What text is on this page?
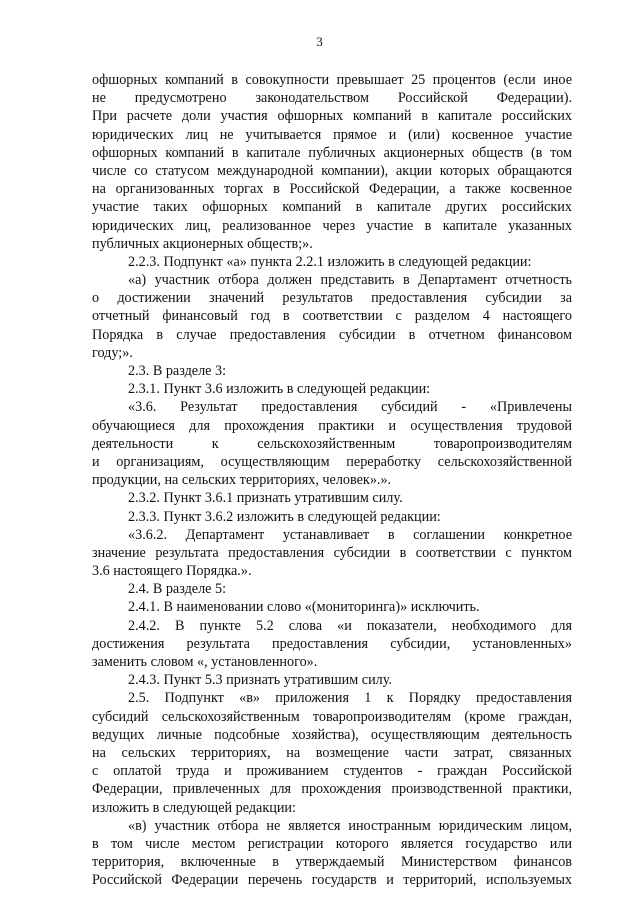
3
офшорных компаний в совокупности превышает 25 процентов (если иное
не предусмотрено законодательством Российской Федерации).
При расчете доли участия офшорных компаний в капитале российских
юридических лиц не учитывается прямое и (или) косвенное участие
офшорных компаний в капитале публичных акционерных обществ (в том
числе со статусом международной компании), акции которых обращаются
на организованных торгах в Российской Федерации, а также косвенное
участие таких офшорных компаний в капитале других российских
юридических лиц, реализованное через участие в капитале указанных
публичных акционерных обществ;».
2.2.3. Подпункт «а» пункта 2.2.1 изложить в следующей редакции:
«а) участник отбора должен представить в Департамент отчетность
о достижении значений результатов предоставления субсидии за
отчетный финансовый год в соответствии с разделом 4 настоящего
Порядка в случае предоставления субсидии в отчетном финансовом
году;».
2.3. В разделе 3:
2.3.1. Пункт 3.6 изложить в следующей редакции:
«3.6. Результат предоставления субсидий - «Привлечены
обучающиеся для прохождения практики и осуществления трудовой
деятельности к сельскохозяйственным товаропроизводителям
и организациям, осуществляющим переработку сельскохозяйственной
продукции, на сельских территориях, человек».».
2.3.2. Пункт 3.6.1 признать утратившим силу.
2.3.3. Пункт 3.6.2 изложить в следующей редакции:
«3.6.2. Департамент устанавливает в соглашении конкретное
значение результата предоставления субсидии в соответствии с пунктом
3.6 настоящего Порядка.».
2.4. В разделе 5:
2.4.1. В наименовании слово «(мониторинга)» исключить.
2.4.2. В пункте 5.2 слова «и показатели, необходимого для
достижения результата предоставления субсидии, установленных»
заменить словом «, установленного».
2.4.3. Пункт 5.3 признать утратившим силу.
2.5. Подпункт «в» приложения 1 к Порядку предоставления
субсидий сельскохозяйственным товаропроизводителям (кроме граждан,
ведущих личные подсобные хозяйства), осуществляющим деятельность
на сельских территориях, на возмещение части затрат, связанных
с оплатой труда и проживанием студентов - граждан Российской
Федерации, привлеченных для прохождения производственной практики,
изложить в следующей редакции:
«в) участник отбора не является иностранным юридическим лицом,
в том числе местом регистрации которого является государство или
территория, включенные в утверждаемый Министерством финансов
Российской Федерации перечень государств и территорий, используемых
